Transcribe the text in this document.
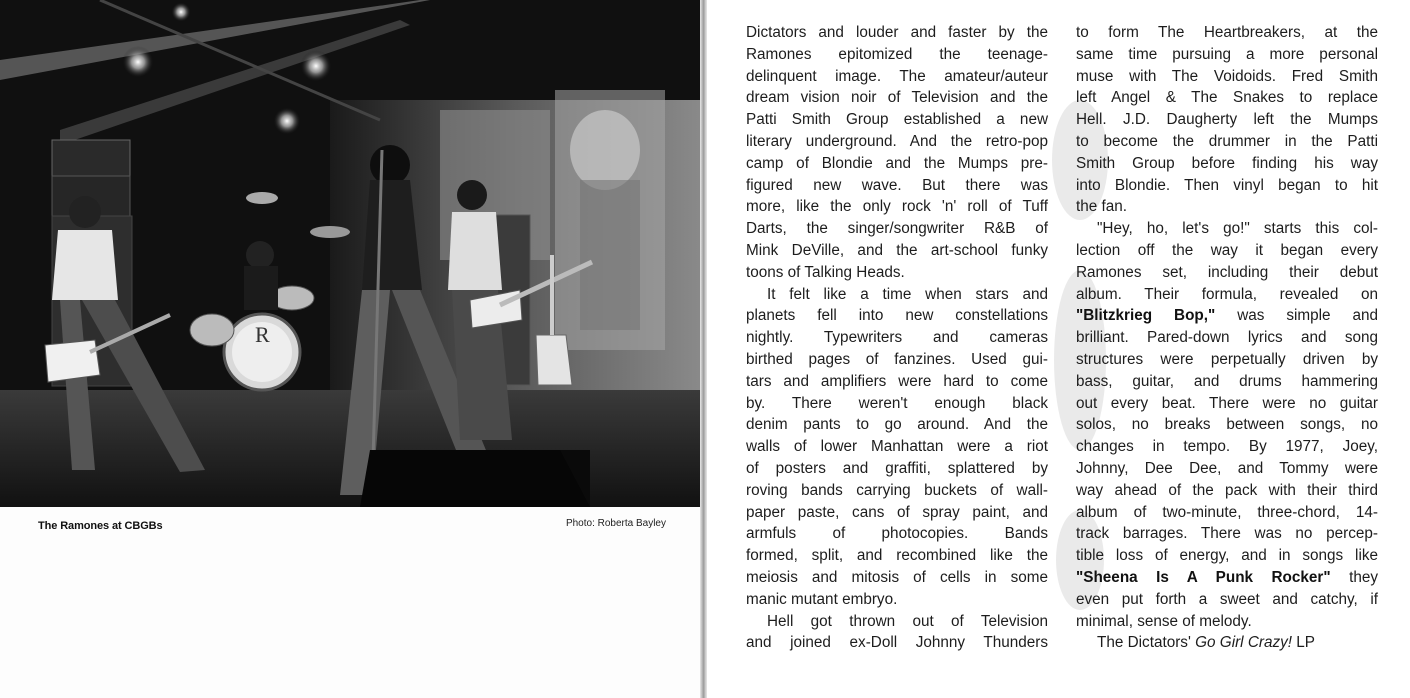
R
The Ramones at CBGBs	Photo: Roberta Bayley
Dictators and louder and faster by the
Ramones epitomized the teenage-
delinquent image. The amateur/auteur
dream vision noir of Television and the
Patti Smith Group established a new
literary underground. And the retro-pop
camp of Blondie and the Mumps pre-
figured new wave. But there was
more, like the only rock 'n' roll of Tuff
Darts, the singer/songwriter R&B of
Mink DeVille, and the art-school funky
toons of Talking Heads.
It felt like a time when stars and
planets fell into new constellations
nightly. Typewriters and cameras
birthed pages of fanzines. Used gui-
tars and amplifiers were hard to come
by. There weren't enough black
denim pants to go around. And the
walls of lower Manhattan were a riot
of posters and graffiti, splattered by
roving bands carrying buckets of wall-
paper paste, cans of spray paint, and
armfuls of photocopies. Bands
formed, split, and recombined like the
meiosis and mitosis of cells in some
manic mutant embryo.
Hell got thrown out of Television
and joined ex-Doll Johnny Thunders
to form The Heartbreakers, at the
same time pursuing a more personal
muse with The Voidoids. Fred Smith
left Angel & The Snakes to replace
Hell. J.D. Daugherty left the Mumps
to become the drummer in the Patti
Smith Group before finding his way
into Blondie. Then vinyl began to hit
the fan.
"Hey, ho, let's go!" starts this col-
lection off the way it began every
Ramones set, including their debut
album. Their formula, revealed on
"Blitzkrieg Bop," was simple and
brilliant. Pared-down lyrics and song
structures were perpetually driven by
bass, guitar, and drums hammering
out every beat. There were no guitar
solos, no breaks between songs, no
changes in tempo. By 1977, Joey,
Johnny, Dee Dee, and Tommy were
way ahead of the pack with their third
album of two-minute, three-chord, 14-
track barrages. There was no percep-
tible loss of energy, and in songs like
"Sheena Is A Punk Rocker" they
even put forth a sweet and catchy, if
minimal, sense of melody.
The Dictators' Go Girl Crazy! LP
